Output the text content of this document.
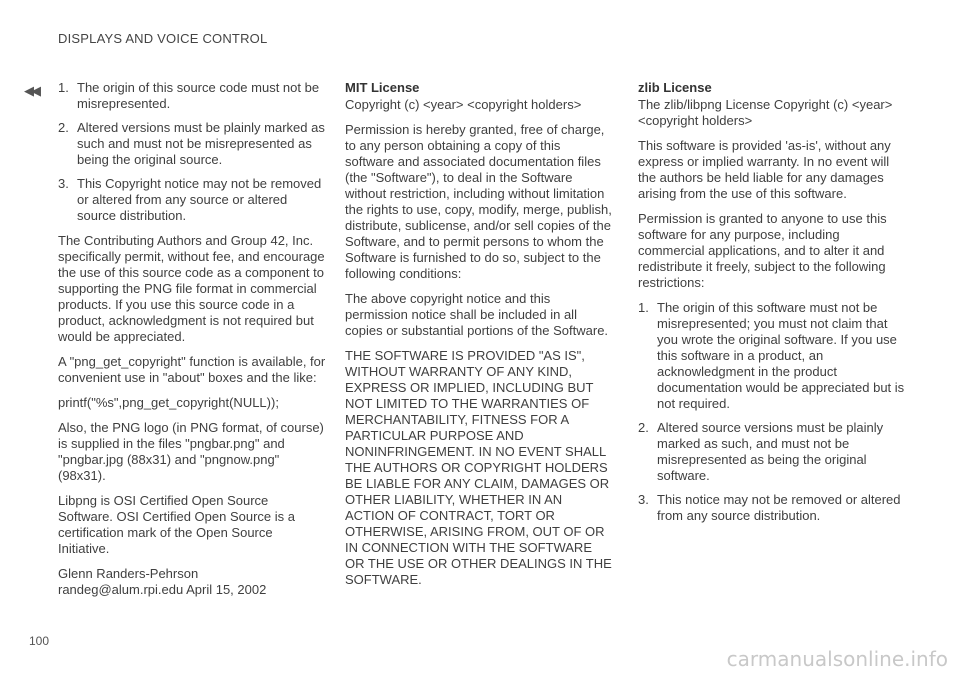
DISPLAYS AND VOICE CONTROL
◀◀ 1. The origin of this source code must not be misrepresented.
2. Altered versions must be plainly marked as such and must not be misrepresented as being the original source.
3. This Copyright notice may not be removed or altered from any source or altered source distribution.

The Contributing Authors and Group 42, Inc. specifically permit, without fee, and encourage the use of this source code as a component to supporting the PNG file format in commercial products. If you use this source code in a product, acknowledgment is not required but would be appreciated.

A "png_get_copyright" function is available, for convenient use in "about" boxes and the like:

printf("%s",png_get_copyright(NULL));

Also, the PNG logo (in PNG format, of course) is supplied in the files "pngbar.png" and "pngbar.jpg (88x31) and "pngnow.png" (98x31).

Libpng is OSI Certified Open Source Software. OSI Certified Open Source is a certification mark of the Open Source Initiative.

Glenn Randers-Pehrson randeg@alum.rpi.edu April 15, 2002

MIT License

Copyright (c) <year> <copyright holders>

Permission is hereby granted, free of charge, to any person obtaining a copy of this software and associated documentation files (the "Software"), to deal in the Software without restriction, including without limitation the rights to use, copy, modify, merge, publish, distribute, sublicense, and/or sell copies of the Software, and to permit persons to whom the Software is furnished to do so, subject to the following conditions:

The above copyright notice and this permission notice shall be included in all copies or substantial portions of the Software.

THE SOFTWARE IS PROVIDED "AS IS", WITHOUT WARRANTY OF ANY KIND, EXPRESS OR IMPLIED, INCLUDING BUT NOT LIMITED TO THE WARRANTIES OF MERCHANTABILITY, FITNESS FOR A PARTICULAR PURPOSE AND NONINFRINGEMENT. IN NO EVENT SHALL THE AUTHORS OR COPYRIGHT HOLDERS BE LIABLE FOR ANY CLAIM, DAMAGES OR OTHER LIABILITY, WHETHER IN AN ACTION OF CONTRACT, TORT OR OTHERWISE, ARISING FROM, OUT OF OR IN CONNECTION WITH THE SOFTWARE OR THE USE OR OTHER DEALINGS IN THE SOFTWARE.

zlib License

The zlib/libpng License Copyright (c) <year> <copyright holders>

This software is provided 'as-is', without any express or implied warranty. In no event will the authors be held liable for any damages arising from the use of this software.

Permission is granted to anyone to use this software for any purpose, including commercial applications, and to alter it and redistribute it freely, subject to the following restrictions:

1. The origin of this software must not be misrepresented; you must not claim that you wrote the original software. If you use this software in a product, an acknowledgment in the product documentation would be appreciated but is not required.
2. Altered source versions must be plainly marked as such, and must not be misrepresented as being the original software.
3. This notice may not be removed or altered from any source distribution.
100
carmanualsonline.info
